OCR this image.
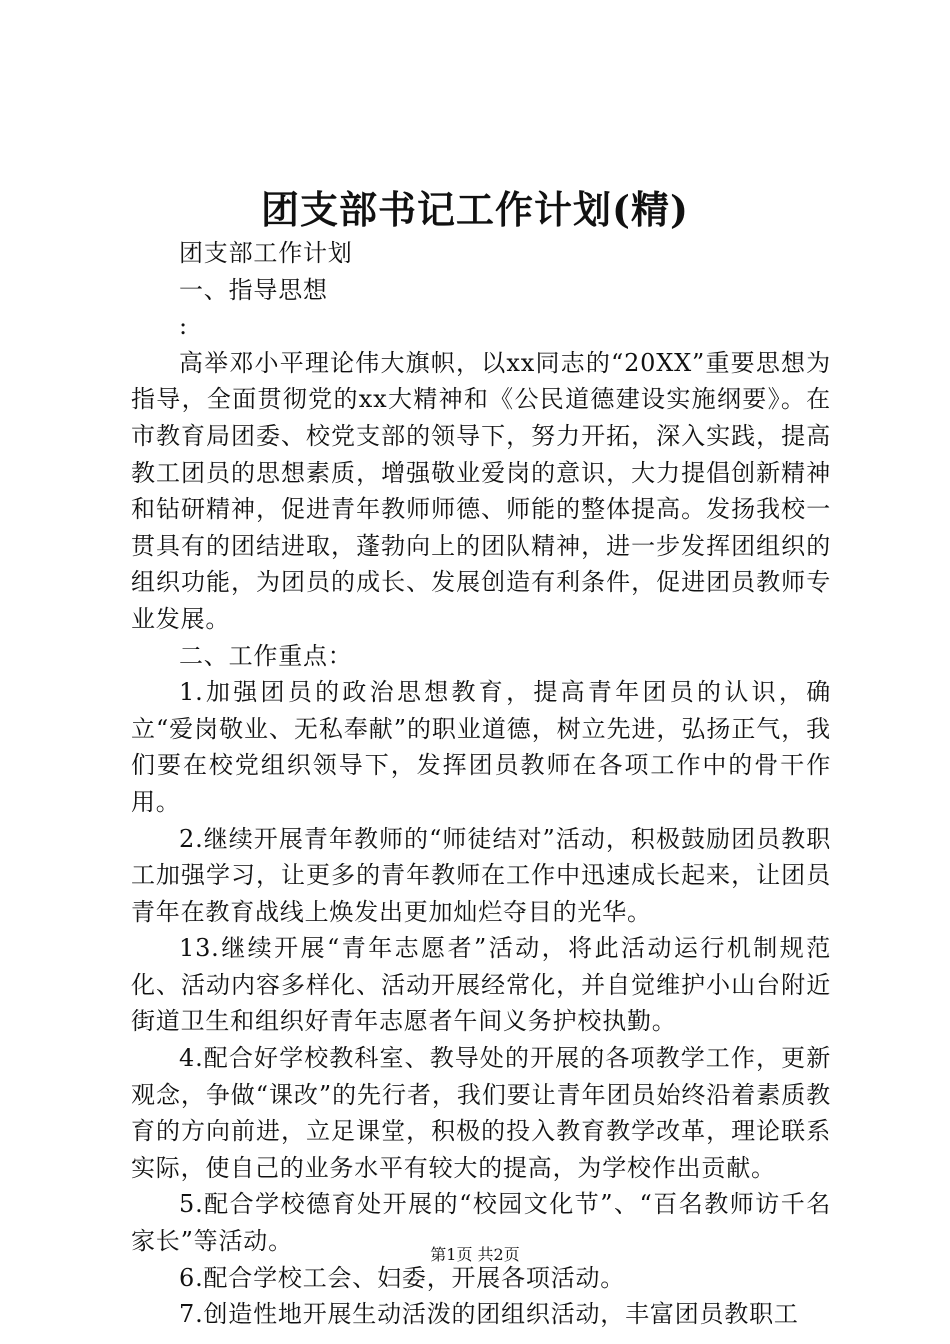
团支部书记工作计划(精)

团支部工作计划

一、指导思想

:

高举邓小平理论伟大旗帜，以xx同志的“20XX”重要思想为指导，全面贯彻党的xx大精神和《公民道德建设实施纲要》。在市教育局团委、校党支部的领导下，努力开拓，深入实践，提高教工团员的思想素质，增强敬业爱岗的意识，大力提倡创新精神和钻研精神，促进青年教师师德、师能的整体提高。发扬我校一贯具有的团结进取，蓬勃向上的团队精神，进一步发挥团组织的组织功能，为团员的成长、发展创造有利条件，促进团员教师专业发展。

二、工作重点：

1.加强团员的政治思想教育，提高青年团员的认识，确立“爱岗敬业、无私奉献”的职业道德，树立先进，弘扬正气，我们要在校党组织领导下，发挥团员教师在各项工作中的骨干作用。

2.继续开展青年教师的“师徒结对”活动，积极鼓励团员教职工加强学习，让更多的青年教师在工作中迅速成长起来，让团员青年在教育战线上焕发出更加灿烂夺目的光华。

13.继续开展“青年志愿者”活动，将此活动运行机制规范化、活动内容多样化、活动开展经常化，并自觉维护小山台附近街道卫生和组织好青年志愿者午间义务护校执勤。

4.配合好学校教科室、教导处的开展的各项教学工作，更新观念，争做“课改”的先行者，我们要让青年团员始终沿着素质教育的方向前进，立足课堂，积极的投入教育教学改革，理论联系实际，使自己的业务水平有较大的提高，为学校作出贡献。

5.配合学校德育处开展的“校园文化节”、“百名教师访千名家长”等活动。

6.配合学校工会、妇委，开展各项活动。

7.创造性地开展生动活泼的团组织活动，丰富团员教职工

第1页 共2页
